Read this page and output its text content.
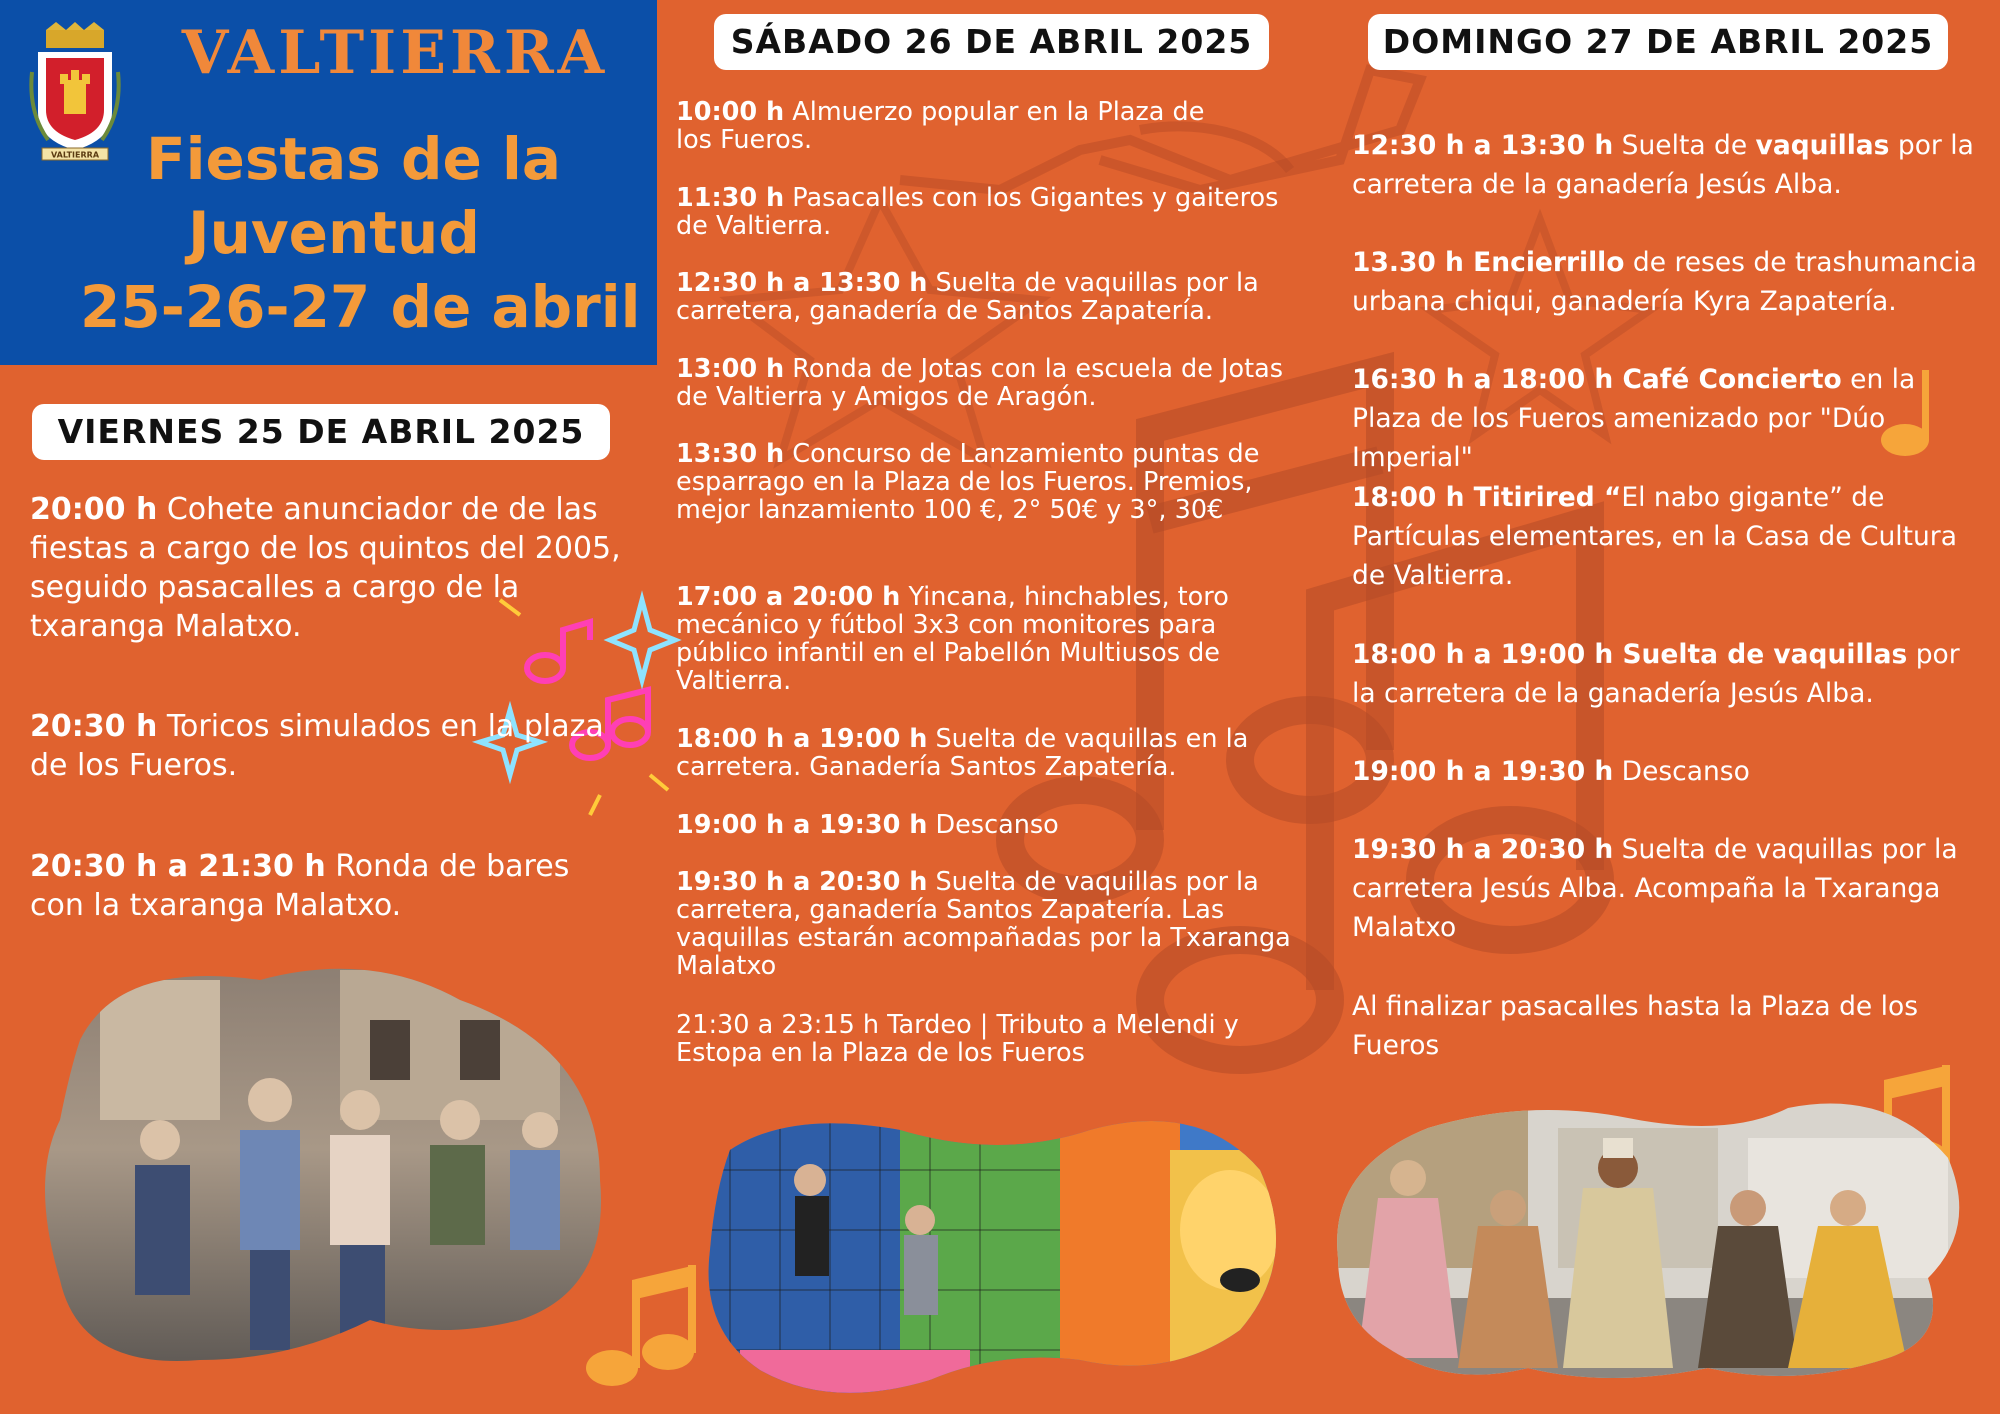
VALTIERRA
VALTIERRA
Fiestas de la
Juventud
25-26-27 de abril
VIERNES 25 DE ABRIL 2025
SÁBADO 26 DE ABRIL 2025	DOMINGO 27 DE ABRIL 2025
20:00 h Cohete anunciador de de las fiestas a cargo de los quintos del 2005, seguido pasacalles a cargo de la txaranga Malatxo.
20:30 h Toricos simulados en la plaza de los Fueros.
20:30 h a 21:30 h Ronda de bares con la txaranga Malatxo.
10:00 h Almuerzo popular en la Plaza de los Fueros.
11:30 h Pasacalles con los Gigantes y gaiteros de Valtierra.
12:30 h a 13:30 h Suelta de vaquillas por la carretera, ganadería de Santos Zapatería.
13:00 h Ronda de Jotas con la escuela de Jotas de Valtierra y Amigos de Aragón.
13:30 h Concurso de Lanzamiento puntas de esparrago en la Plaza de los Fueros. Premios, mejor lanzamiento 100 €, 2° 50€ y 3°, 30€
17:00 a 20:00 h Yincana, hinchables, toro mecánico y fútbol 3x3 con monitores para público infantil en el Pabellón Multiusos de Valtierra.
18:00 h a 19:00 h Suelta de vaquillas en la carretera. Ganadería Santos Zapatería.
19:00 h a 19:30 h Descanso
19:30 h a 20:30 h Suelta de vaquillas por la carretera, ganadería Santos Zapatería. Las vaquillas estarán acompañadas por la Txaranga Malatxo
21:30 a 23:15 h Tardeo | Tributo a Melendi y Estopa en la Plaza de los Fueros
12:30 h a 13:30 h Suelta de vaquillas por la carretera de la ganadería Jesús Alba.
13.30 h Encierrillo de reses de trashumancia urbana chiqui, ganadería Kyra Zapatería.
16:30 h a 18:00 h Café Concierto en la Plaza de los Fueros amenizado por "Dúo Imperial"
18:00 h Titirired “El nabo gigante” de Partículas elementares, en la Casa de Cultura de Valtierra.
18:00 h a 19:00 h Suelta de vaquillas por la carretera de la ganadería Jesús Alba.
19:00 h a 19:30 h Descanso
19:30 h a 20:30 h Suelta de vaquillas por la carretera Jesús Alba. Acompaña la Txaranga Malatxo
Al finalizar pasacalles hasta la Plaza de los Fueros
